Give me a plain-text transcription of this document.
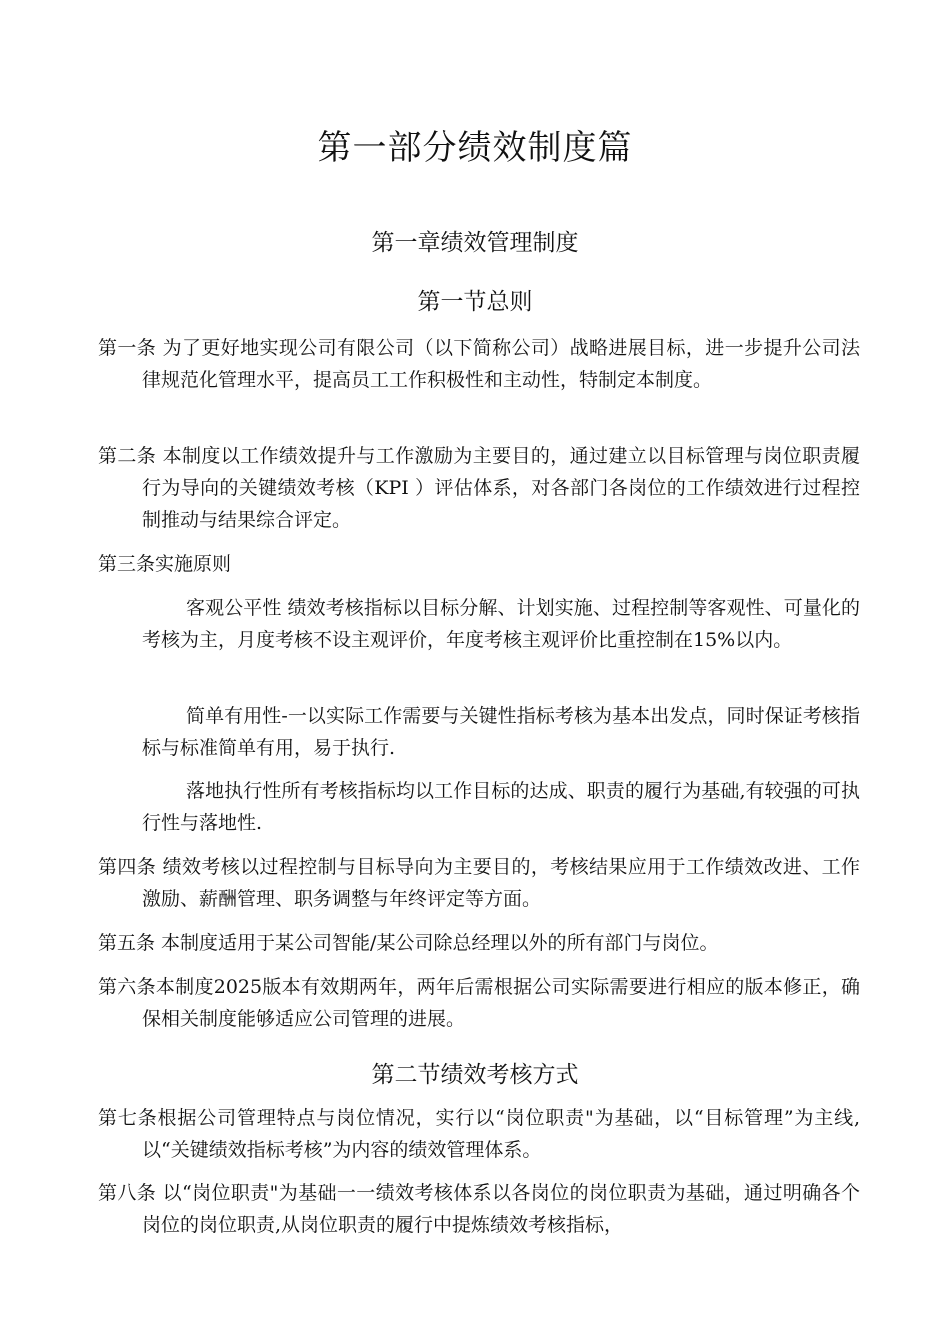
第一部分绩效制度篇
第一章绩效管理制度
第一节总则
第一条 为了更好地实现公司有限公司（以下简称公司）战略进展目标，进一步提升公司法律规范化管理水平，提高员工工作积极性和主动性，特制定本制度。
第二条 本制度以工作绩效提升与工作激励为主要目的，通过建立以目标管理与岗位职责履行为导向的关键绩效考核（KPI ）评估体系，对各部门各岗位的工作绩效进行过程控制推动与结果综合评定。
第三条实施原则
客观公平性 绩效考核指标以目标分解、计划实施、过程控制等客观性、可量化的考核为主，月度考核不设主观评价，年度考核主观评价比重控制在15%以内。
简单有用性-一以实际工作需要与关键性指标考核为基本出发点，同时保证考核指标与标准简单有用，易于执行.
落地执行性所有考核指标均以工作目标的达成、职责的履行为基础,有较强的可执行性与落地性.
第四条 绩效考核以过程控制与目标导向为主要目的，考核结果应用于工作绩效改进、工作激励、薪酬管理、职务调整与年终评定等方面。
第五条 本制度适用于某公司智能/某公司除总经理以外的所有部门与岗位。
第六条本制度2025版本有效期两年，两年后需根据公司实际需要进行相应的版本修正，确保相关制度能够适应公司管理的进展。
第二节绩效考核方式
第七条根据公司管理特点与岗位情况，实行以“岗位职责"为基础，以“目标管理”为主线,以“关键绩效指标考核”为内容的绩效管理体系。
第八条 以“岗位职责"为基础一一绩效考核体系以各岗位的岗位职责为基础，通过明确各个岗位的岗位职责,从岗位职责的履行中提炼绩效考核指标，
